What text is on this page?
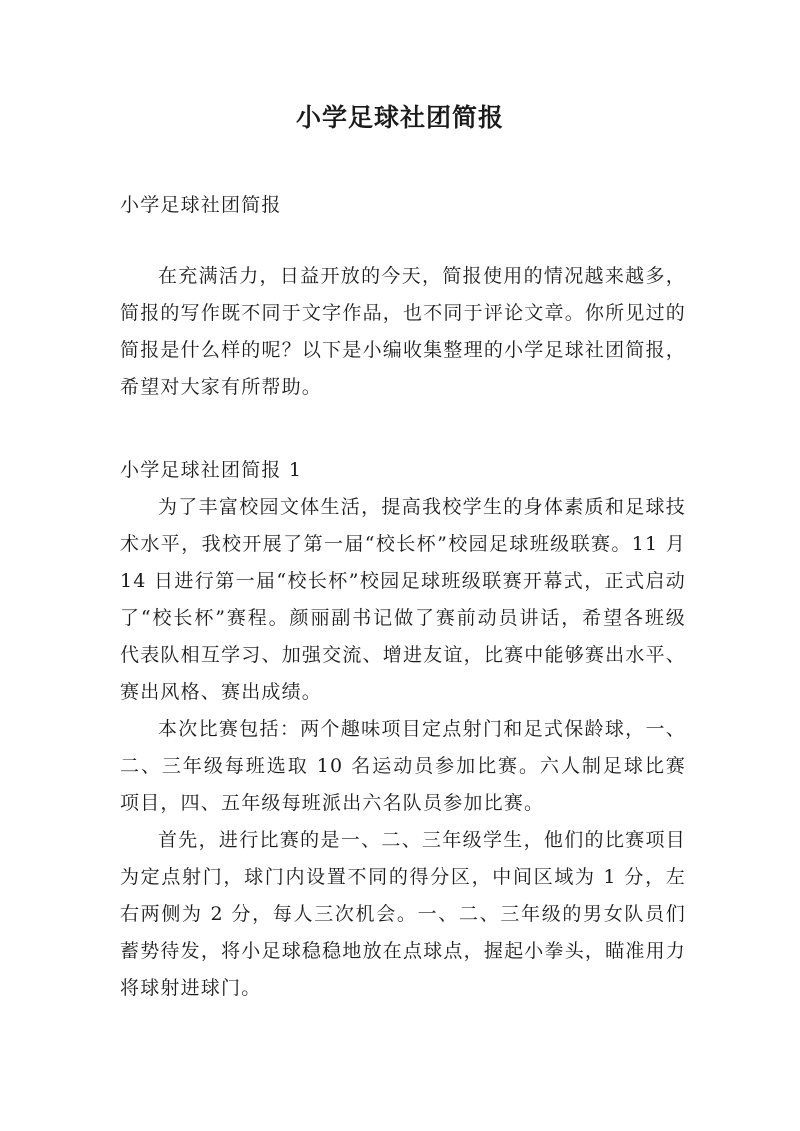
小学足球社团简报

小学足球社团简报

在充满活力，日益开放的今天，简报使用的情况越来越多，简报的写作既不同于文字作品，也不同于评论文章。你所见过的简报是什么样的呢？以下是小编收集整理的小学足球社团简报，希望对大家有所帮助。

小学足球社团简报 1

为了丰富校园文体生活，提高我校学生的身体素质和足球技术水平，我校开展了第一届“校长杯”校园足球班级联赛。11 月 14 日进行第一届“校长杯”校园足球班级联赛开幕式，正式启动了“校长杯”赛程。颜丽副书记做了赛前动员讲话，希望各班级代表队相互学习、加强交流、增进友谊，比赛中能够赛出水平、赛出风格、赛出成绩。

本次比赛包括：两个趣味项目定点射门和足式保龄球，一、二、三年级每班选取 10 名运动员参加比赛。六人制足球比赛项目，四、五年级每班派出六名队员参加比赛。

首先，进行比赛的是一、二、三年级学生，他们的比赛项目为定点射门，球门内设置不同的得分区，中间区域为 1 分，左右两侧为 2 分，每人三次机会。一、二、三年级的男女队员们蓄势待发，将小足球稳稳地放在点球点，握起小拳头，瞄准用力将球射进球门。
